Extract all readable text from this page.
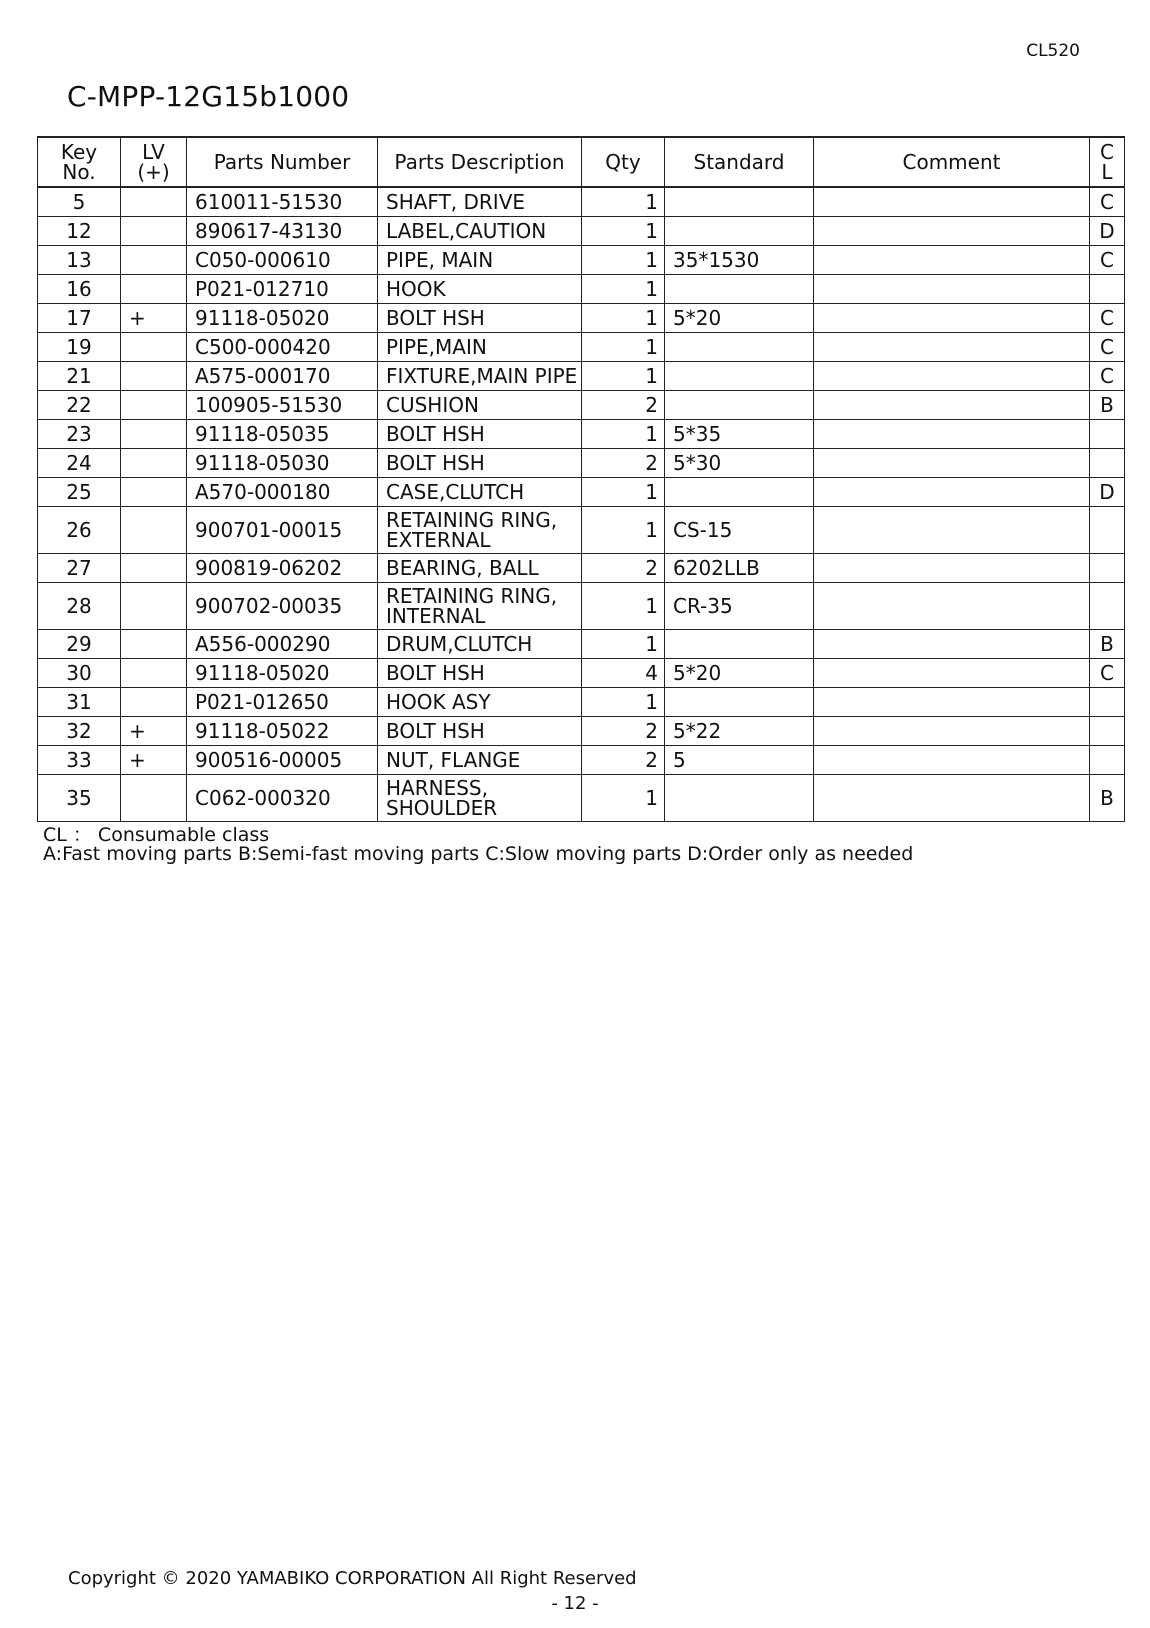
CL520
C-MPP-12G15b1000
Key
No.	LV
(+)	Parts Number	Parts Description	Qty	Standard	Comment	C
L

5		610011-51530	SHAFT, DRIVE	1			C
12		890617-43130	LABEL,CAUTION	1			D
13		C050-000610	PIPE, MAIN	1	35*1530		C
16		P021-012710	HOOK	1			
17	+	91118-05020	BOLT HSH	1	5*20		C
19		C500-000420	PIPE,MAIN	1			C
21		A575-000170	FIXTURE,MAIN PIPE	1			C
22		100905-51530	CUSHION	2			B
23		91118-05035	BOLT HSH	1	5*35		
24		91118-05030	BOLT HSH	2	5*30		
25		A570-000180	CASE,CLUTCH	1			D
26		900701-00015	RETAINING RING,
EXTERNAL	1	CS-15		
27		900819-06202	BEARING, BALL	2	6202LLB		
28		900702-00035	RETAINING RING,
INTERNAL	1	CR-35		
29		A556-000290	DRUM,CLUTCH	1			B
30		91118-05020	BOLT HSH	4	5*20		C
31		P021-012650	HOOK ASY	1			
32	+	91118-05022	BOLT HSH	2	5*22		
33	+	900516-00005	NUT, FLANGE	2	5		
35		C062-000320	HARNESS,
SHOULDER	1			B
CL ： Consumable class
A:Fast moving parts B:Semi-fast moving parts C:Slow moving parts D:Order only as needed
Copyright © 2020 YAMABIKO CORPORATION All Right Reserved
- 12 -
